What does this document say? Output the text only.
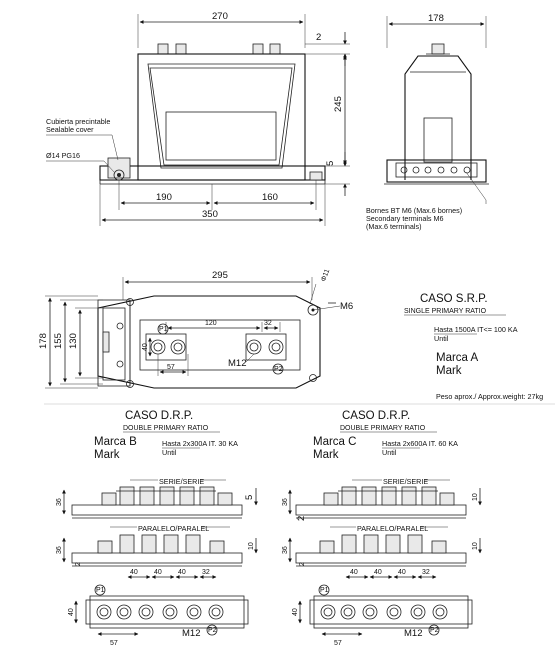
270
2
245
5
190	160
350
Cubierta precintable
Sealable cover
Ø14 PG16
178
Bornes BT M6 (Max.6 bornes)
Secondary terminals M6
(Max.6 terminals)
295	Φ11
P1
P2
M6
120	32
40
57	M12
178 155 130
CASO S.R.P.
SINGLE PRIMARY RATIO
Hasta 1500A IT<= 100 KA
Until
Marca A
Mark
Peso aprox./ Approx.weight: 27kg
CASO D.R.P.
DOUBLE PRIMARY RATIO
Marca B
Mark
Hasta 2x300A IT. 30 KA
Until
SERIE/SERIE
36
5
PARALELO/PARALEL
36
2
10
40 40 40 32
P1
P2
40
57
M12
CASO D.R.P.
DOUBLE PRIMARY RATIO
Marca C
Mark
Hasta 2x600A IT. 60 KA
Until
SERIE/SERIE
36
2
10
PARALELO/PARALEL
36
2
10
40 40 40 32
P1
P2
40
57
M12
